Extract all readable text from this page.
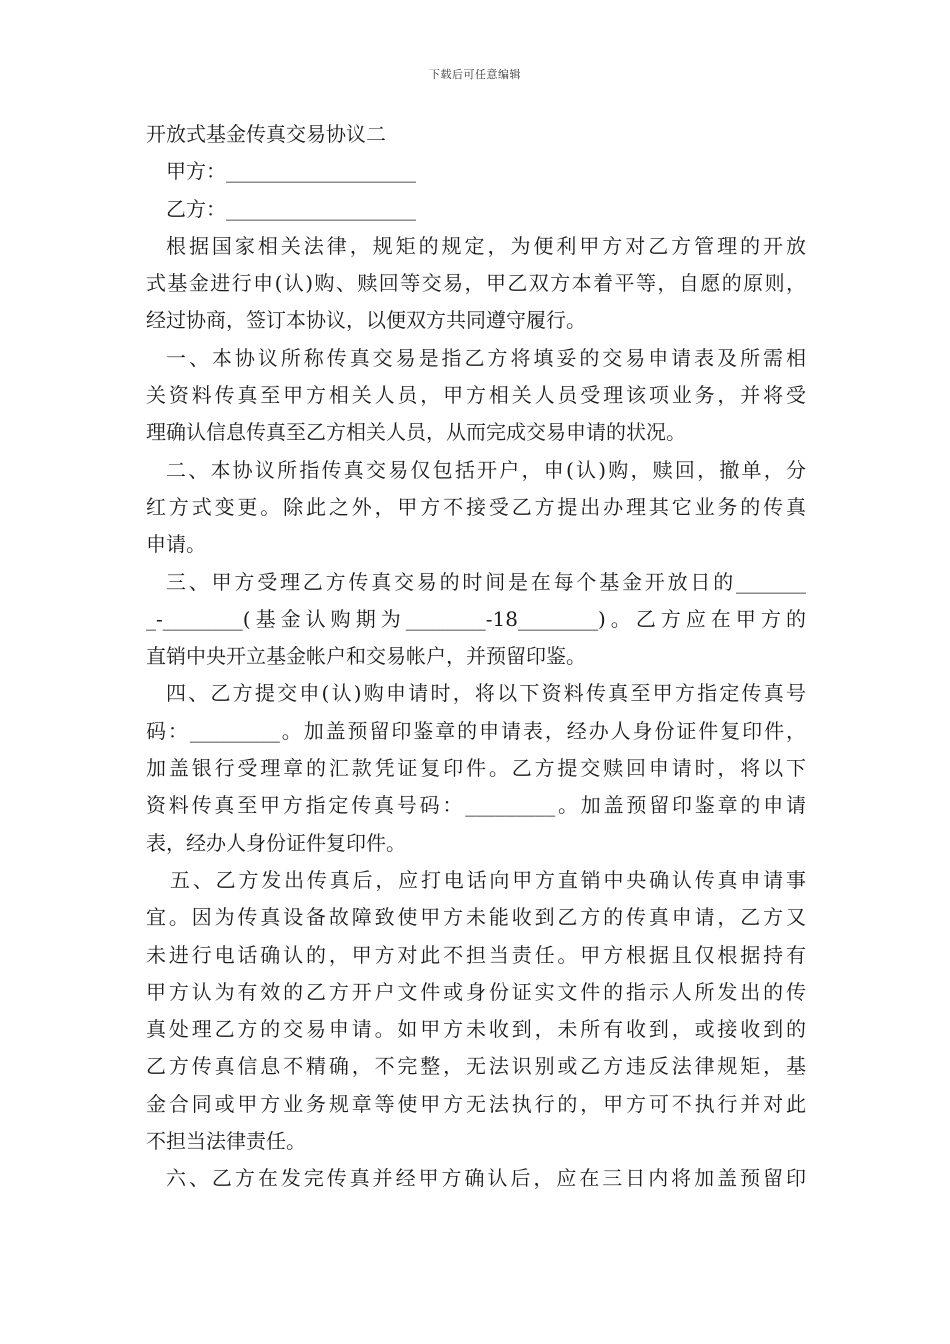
下载后可任意编辑
开放式基金传真交易协议二
甲方：___________________
乙方：___________________
根据国家相关法律，规矩的规定，为便利甲方对乙方管理的开放
式基金进行申(认)购、赎回等交易，甲乙双方本着平等，自愿的原则，
经过协商，签订本协议，以便双方共同遵守履行。
一、本协议所称传真交易是指乙方将填妥的交易申请表及所需相
关资料传真至甲方相关人员，甲方相关人员受理该项业务，并将受
理确认信息传真至乙方相关人员，从而完成交易申请的状况。
二、本协议所指传真交易仅包括开户，申(认)购，赎回，撤单，分
红方式变更。除此之外，甲方不接受乙方提出办理其它业务的传真
申请。
三、甲方受理乙方传真交易的时间是在每个基金开放日的_______
_-________(基金认购期为________-18________)。乙方应在甲方的
直销中央开立基金帐户和交易帐户，并预留印鉴。
四、乙方提交申(认)购申请时，将以下资料传真至甲方指定传真号
码：_________。加盖预留印鉴章的申请表，经办人身份证件复印件，
加盖银行受理章的汇款凭证复印件。乙方提交赎回申请时，将以下
资料传真至甲方指定传真号码：_________。加盖预留印鉴章的申请
表，经办人身份证件复印件。
五、乙方发出传真后，应打电话向甲方直销中央确认传真申请事
宜。因为传真设备故障致使甲方未能收到乙方的传真申请，乙方又
未进行电话确认的，甲方对此不担当责任。甲方根据且仅根据持有
甲方认为有效的乙方开户文件或身份证实文件的指示人所发出的传
真处理乙方的交易申请。如甲方未收到，未所有收到，或接收到的
乙方传真信息不精确，不完整，无法识别或乙方违反法律规矩，基
金合同或甲方业务规章等使甲方无法执行的，甲方可不执行并对此
不担当法律责任。
六、乙方在发完传真并经甲方确认后，应在三日内将加盖预留印
